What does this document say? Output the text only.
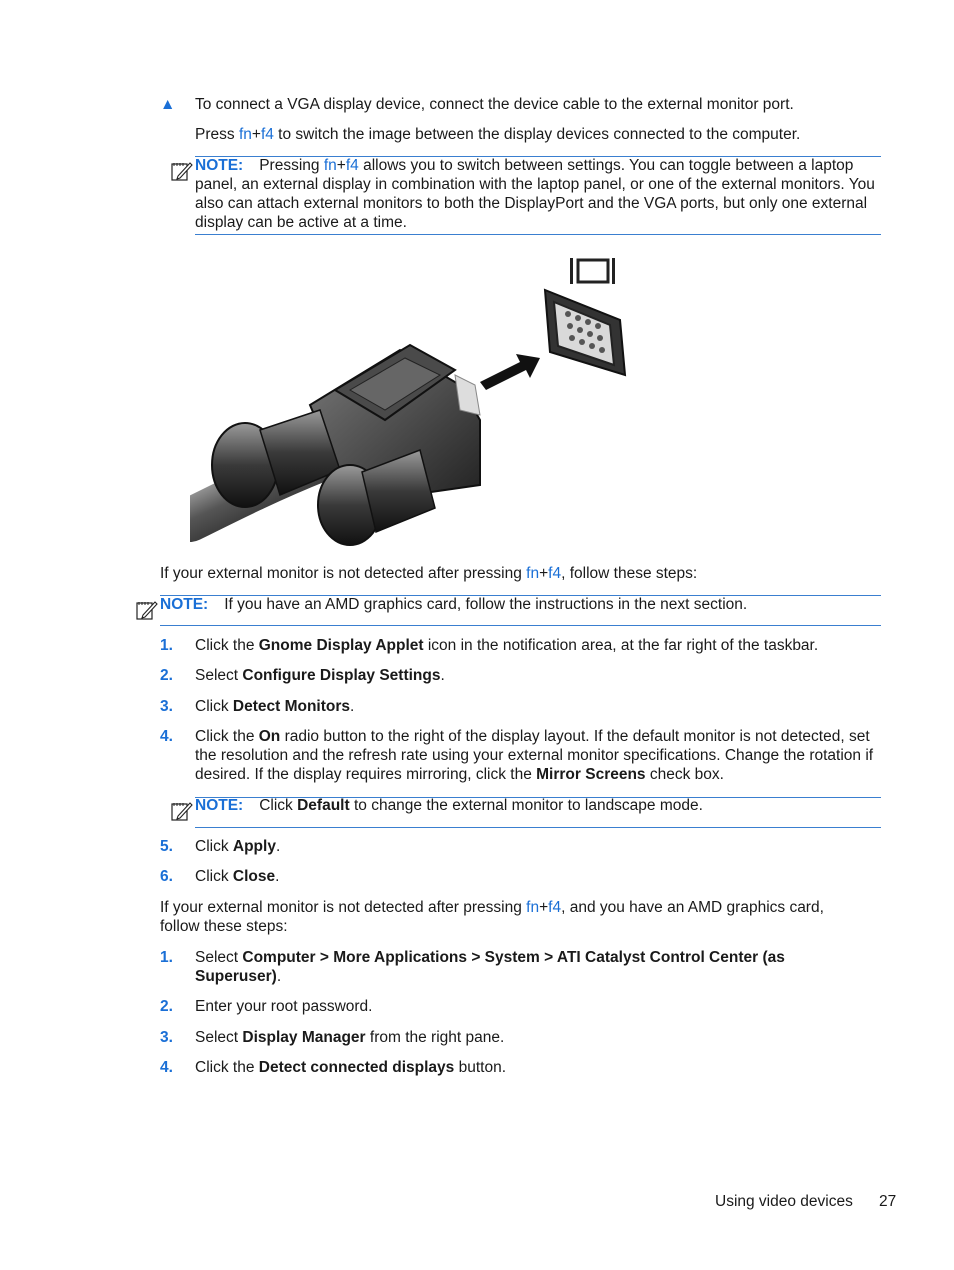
▲ To connect a VGA display device, connect the device cable to the external monitor port.
Press fn+f4 to switch the image between the display devices connected to the computer.
NOTE: Pressing fn+f4 allows you to switch between settings. You can toggle between a laptop panel, an external display in combination with the laptop panel, or one of the external monitors. You also can attach external monitors to both the DisplayPort and the VGA ports, but only one external display can be active at a time.
If your external monitor is not detected after pressing fn+f4, follow these steps:
NOTE: If you have an AMD graphics card, follow the instructions in the next section.
1. Click the Gnome Display Applet icon in the notification area, at the far right of the taskbar.
2. Select Configure Display Settings.
3. Click Detect Monitors.
4. Click the On radio button to the right of the display layout. If the default monitor is not detected, set the resolution and the refresh rate using your external monitor specifications. Change the rotation if desired. If the display requires mirroring, click the Mirror Screens check box.
NOTE: Click Default to change the external monitor to landscape mode.
5. Click Apply.
6. Click Close.
If your external monitor is not detected after pressing fn+f4, and you have an AMD graphics card, follow these steps:
1. Select Computer > More Applications > System > ATI Catalyst Control Center (as Superuser).
2. Enter your root password.
3. Select Display Manager from the right pane.
4. Click the Detect connected displays button.
Using video devices 27
